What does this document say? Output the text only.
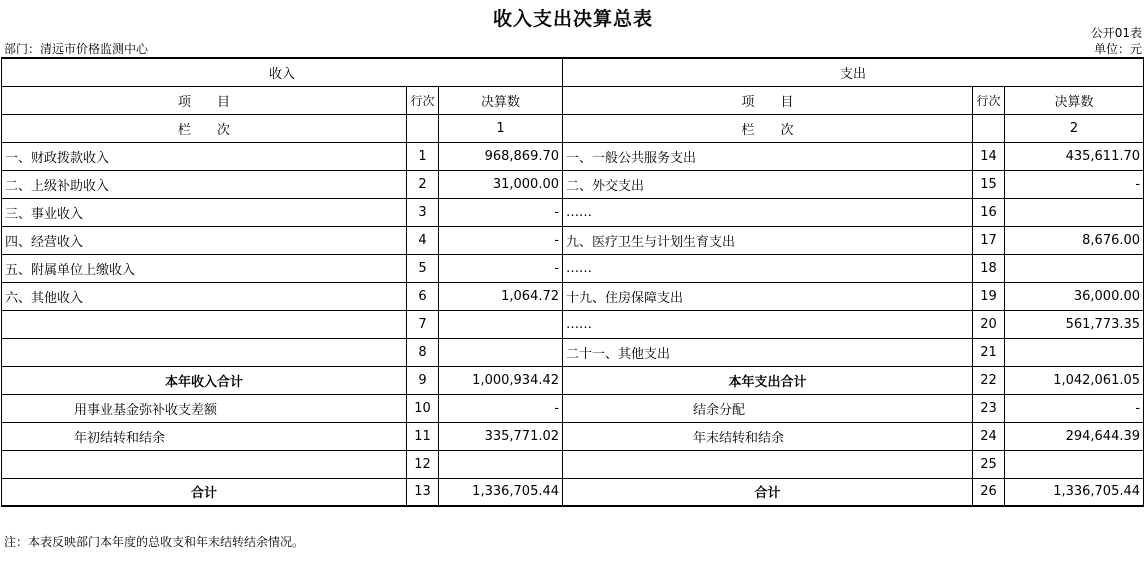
收入支出决算总表
公开01表
部门：清远市价格监测中心	单位：元
收入			支出		
项　　目	行次	决算数	项　　目	行次	决算数
栏　　次		1	栏　　次		2
一、财政拨款收入	1	968,869.70	一、一般公共服务支出	14	435,611.70
二、上级补助收入	2	31,000.00	二、外交支出	15	-
三、事业收入	3	-	……	16	
四、经营收入	4	-	九、医疗卫生与计划生育支出	17	8,676.00
五、附属单位上缴收入	5	-	……	18	
六、其他收入	6	1,064.72	十九、住房保障支出	19	36,000.00
	7		……	20	561,773.35
	8		二十一、其他支出	21	
本年收入合计	9	1,000,934.42	本年支出合计	22	1,042,061.05
用事业基金弥补收支差额	10	-	结余分配	23	-
年初结转和结余	11	335,771.02	年末结转和结余	24	294,644.39
	12			25	
合计	13	1,336,705.44	合计	26	1,336,705.44
注：本表反映部门本年度的总收支和年末结转结余情况。
